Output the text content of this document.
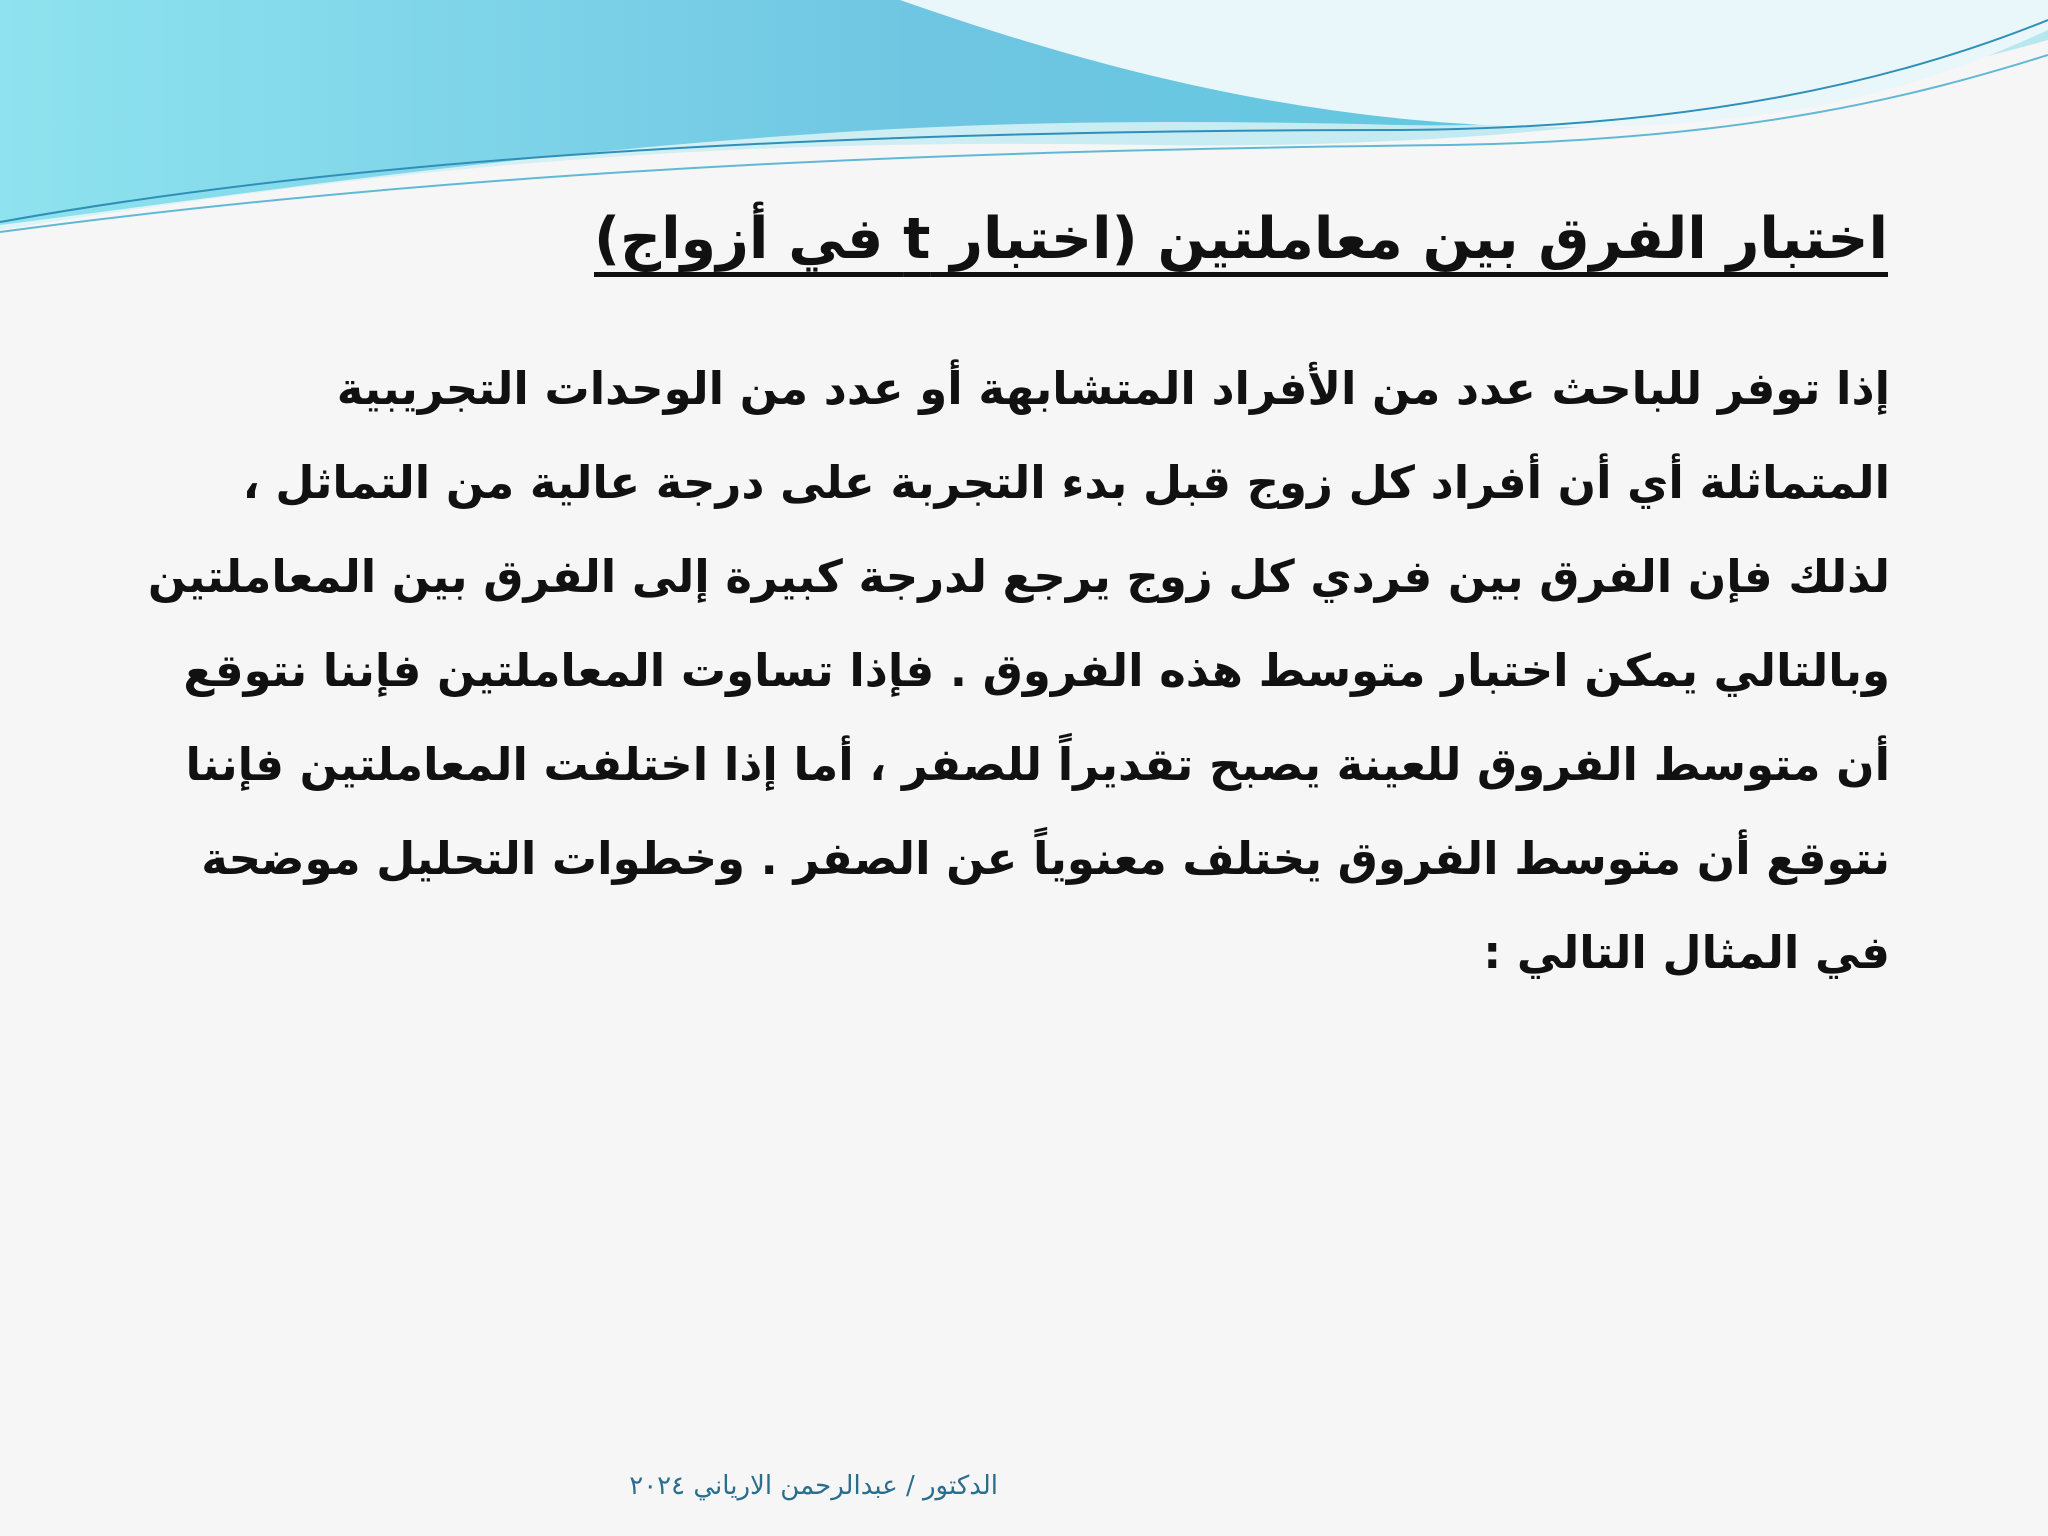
اختبار الفرق بين معاملتين (اختبار t في أزواج)
إذا توفر للباحث عدد من الأفراد المتشابهة أو عدد من الوحدات التجريبية
المتماثلة أي أن أفراد كل زوج قبل بدء التجربة على درجة عالية من التماثل ،
لذلك فإن الفرق بين فردي كل زوج يرجع لدرجة كبيرة إلى الفرق بين المعاملتين
وبالتالي يمكن اختبار متوسط هذه الفروق . فإذا تساوت المعاملتين فإننا نتوقع
أن متوسط الفروق للعينة يصبح تقديراً للصفر ، أما إذا اختلفت المعاملتين فإننا
نتوقع أن متوسط الفروق يختلف معنوياً عن الصفر . وخطوات التحليل موضحة
في المثال التالي :
الدكتور / عبدالرحمن الارياني ٢٠٢٤
